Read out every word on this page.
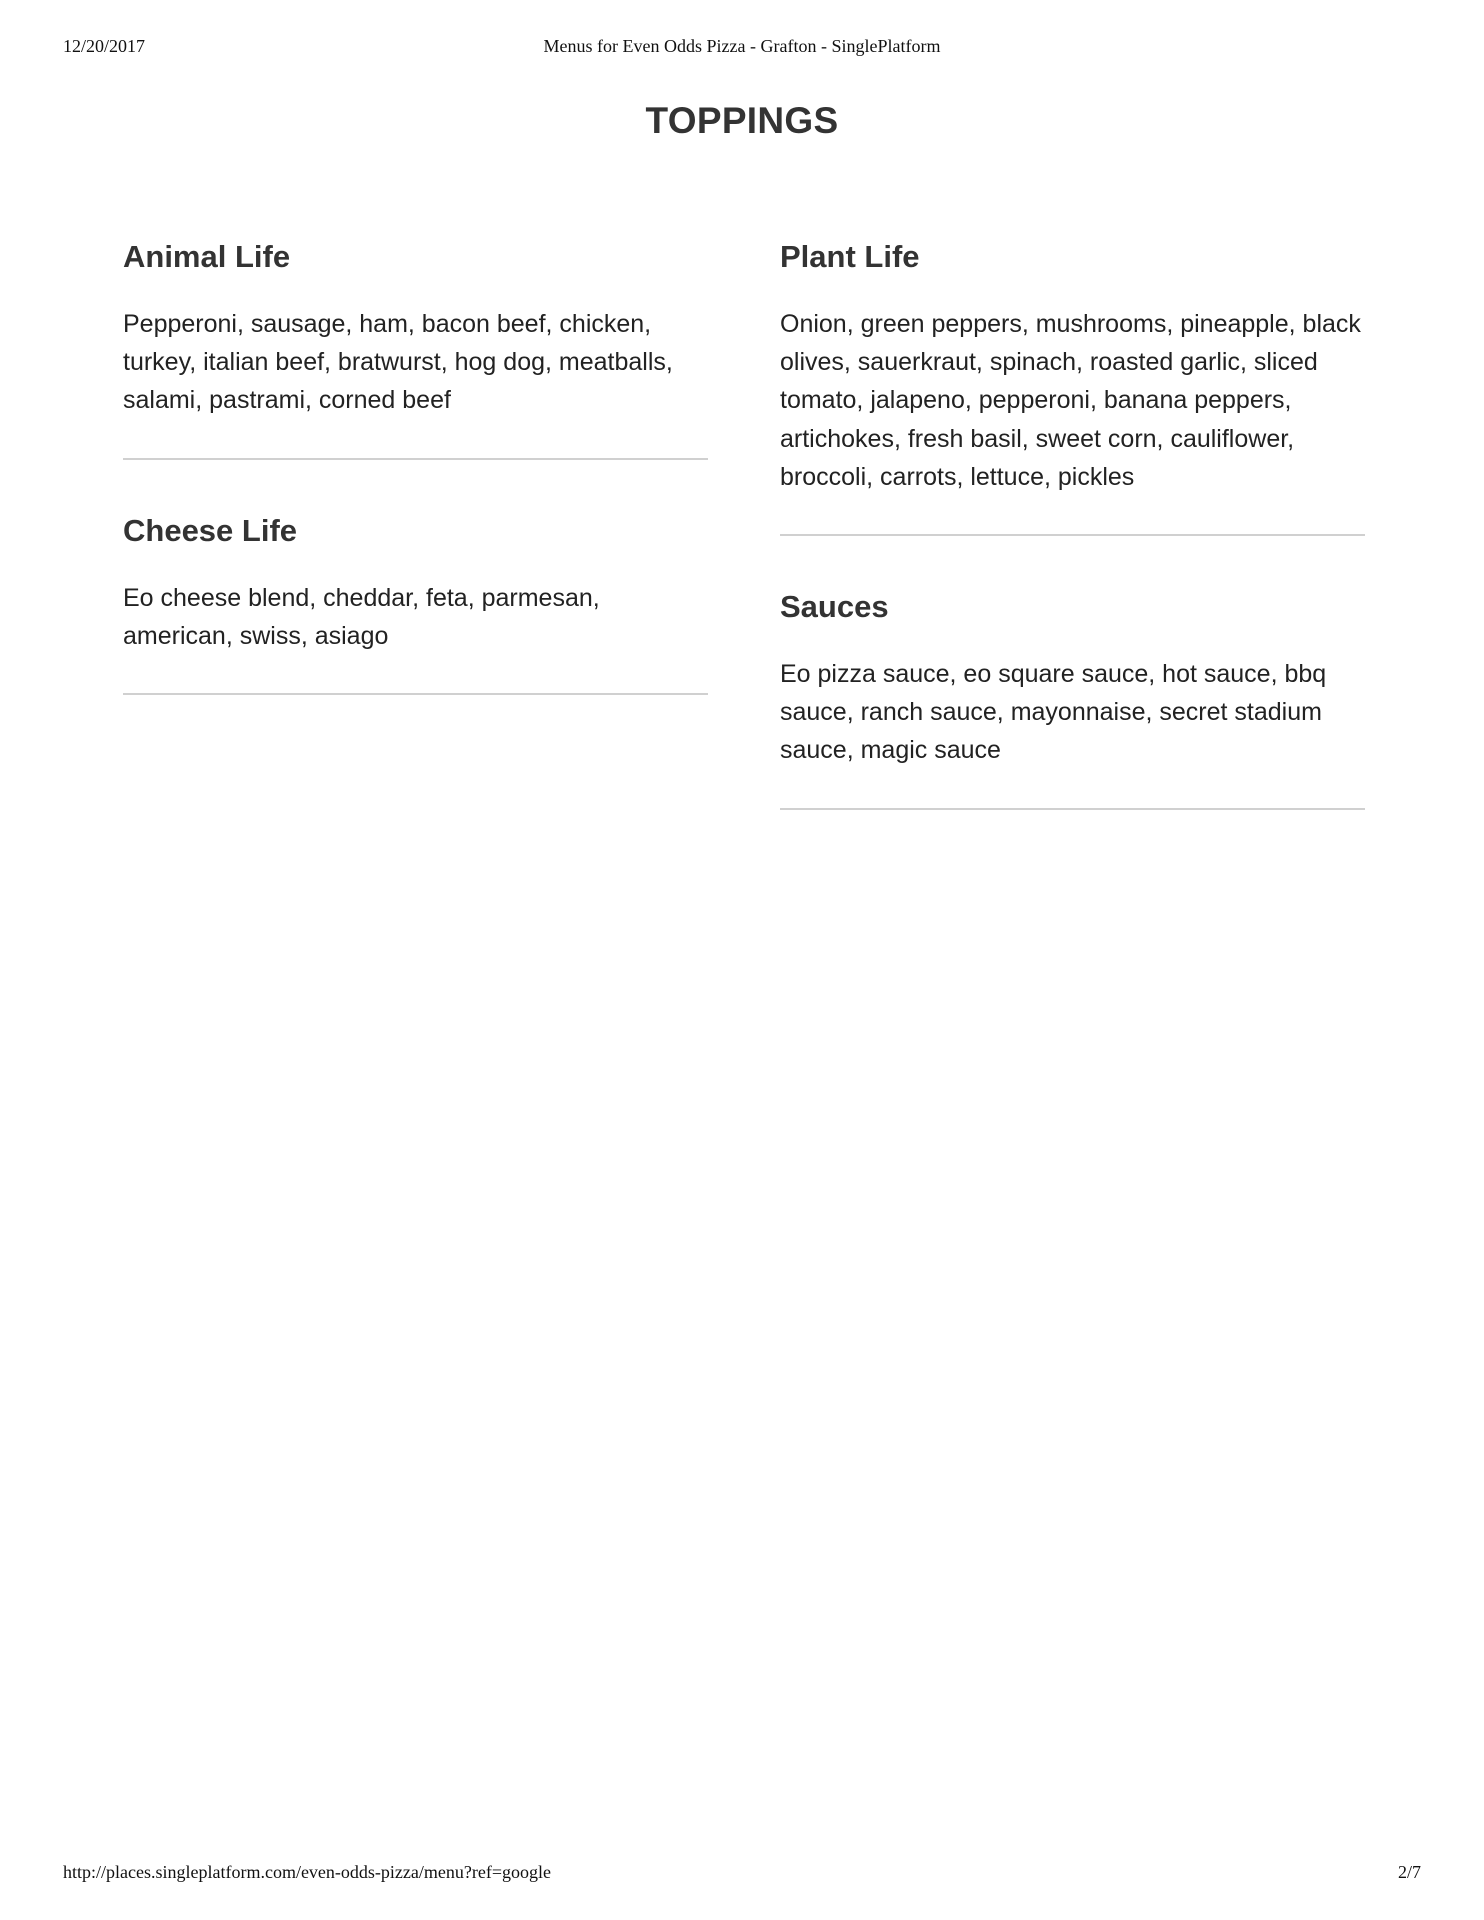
12/20/2017	Menus for Even Odds Pizza - Grafton - SinglePlatform
TOPPINGS
Animal Life

Pepperoni, sausage, ham, bacon beef, chicken, turkey, italian beef, bratwurst, hog dog, meatballs, salami, pastrami, corned beef

Cheese Life

Eo cheese blend, cheddar, feta, parmesan, american, swiss, asiago

Plant Life

Onion, green peppers, mushrooms, pineapple, black olives, sauerkraut, spinach, roasted garlic, sliced tomato, jalapeno, pepperoni, banana peppers, artichokes, fresh basil, sweet corn, cauliflower, broccoli, carrots, lettuce, pickles

Sauces

Eo pizza sauce, eo square sauce, hot sauce, bbq sauce, ranch sauce, mayonnaise, secret stadium sauce, magic sauce

http://places.singleplatform.com/even-odds-pizza/menu?ref=google	2/7
